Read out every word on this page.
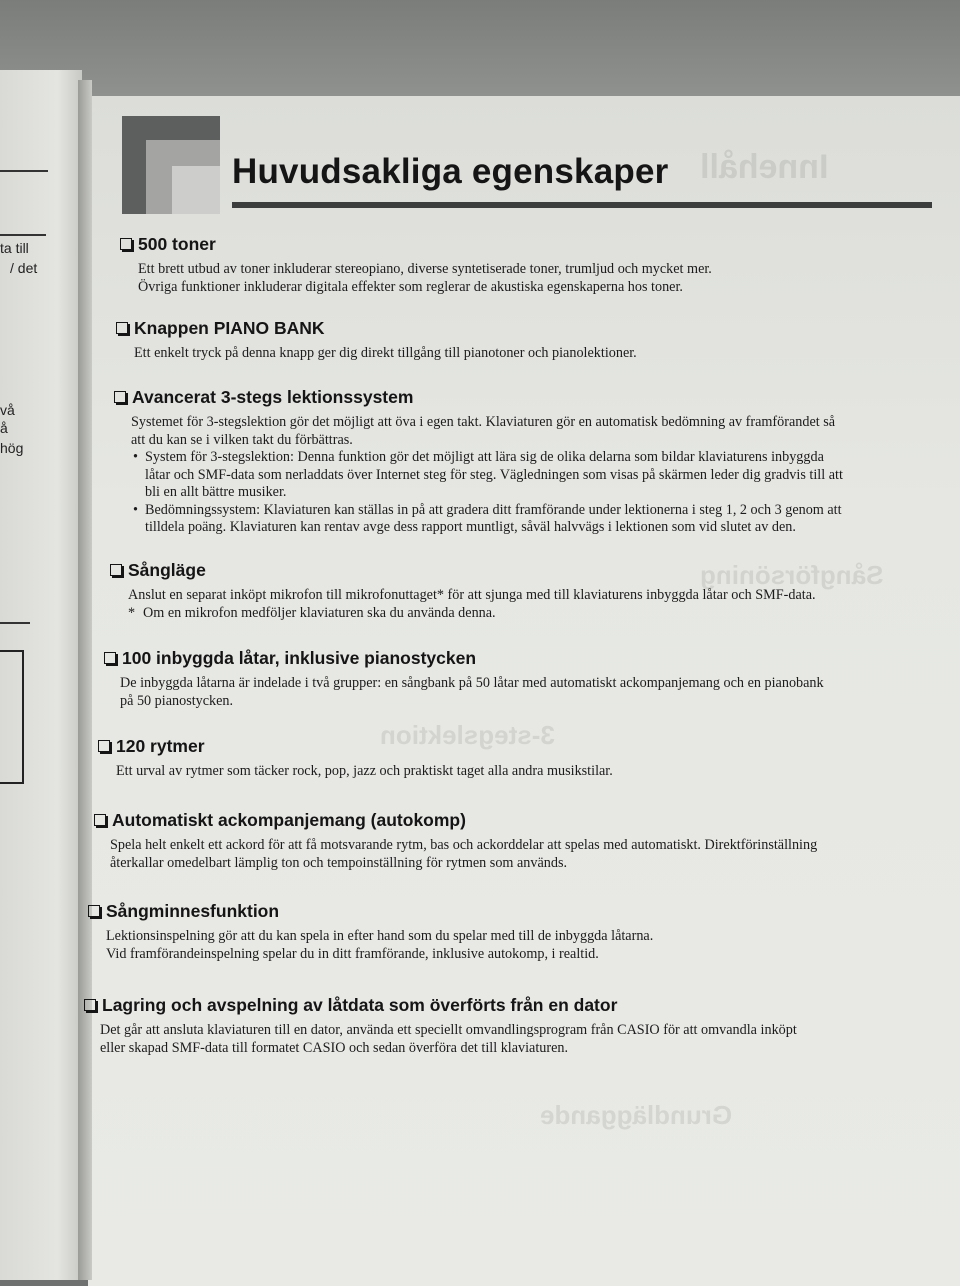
ta till
/ det
vå
å
hög
Innehåll
Sångförsöning
3-stegslektion
Grundläggande
Huvudsakliga egenskaper
500 toner

Ett brett utbud av toner inkluderar stereopiano, diverse syntetiserade toner, trumljud och mycket mer.

Övriga funktioner inkluderar digitala effekter som reglerar de akustiska egenskaperna hos toner.

Knappen PIANO BANK

Ett enkelt tryck på denna knapp ger dig direkt tillgång till pianotoner och pianolektioner.

Avancerat 3-stegs lektionssystem

Systemet för 3-stegslektion gör det möjligt att öva i egen takt. Klaviaturen gör en automatisk bedömning av framförandet så

att du kan se i vilken takt du förbättras.

• System för 3-stegslektion: Denna funktion gör det möjligt att lära sig de olika delarna som bildar klaviaturens inbyggda
låtar och SMF-data som nerladdats över Internet steg för steg. Vägledningen som visas på skärmen leder dig gradvis till att
bli en allt bättre musiker.
• Bedömningssystem: Klaviaturen kan ställas in på att gradera ditt framförande under lektionerna i steg 1, 2 och 3 genom att
tilldela poäng. Klaviaturen kan rentav avge dess rapport muntligt, såväl halvvägs i lektionen som vid slutet av den.
Sångläge

Anslut en separat inköpt mikrofon till mikrofonuttaget* för att sjunga med till klaviaturens inbyggda låtar och SMF-data.

* Om en mikrofon medföljer klaviaturen ska du använda denna.

100 inbyggda låtar, inklusive pianostycken

De inbyggda låtarna är indelade i två grupper: en sångbank på 50 låtar med automatiskt ackompanjemang och en pianobank

på 50 pianostycken.

120 rytmer

Ett urval av rytmer som täcker rock, pop, jazz och praktiskt taget alla andra musikstilar.

Automatiskt ackompanjemang (autokomp)

Spela helt enkelt ett ackord för att få motsvarande rytm, bas och ackorddelar att spelas med automatiskt. Direktförinställning

återkallar omedelbart lämplig ton och tempoinställning för rytmen som används.

Sångminnesfunktion

Lektionsinspelning gör att du kan spela in efter hand som du spelar med till de inbyggda låtarna.

Vid framförandeinspelning spelar du in ditt framförande, inklusive autokomp, i realtid.

Lagring och avspelning av låtdata som överförts från en dator

Det går att ansluta klaviaturen till en dator, använda ett speciellt omvandlingsprogram från CASIO för att omvandla inköpt

eller skapad SMF-data till formatet CASIO och sedan överföra det till klaviaturen.
